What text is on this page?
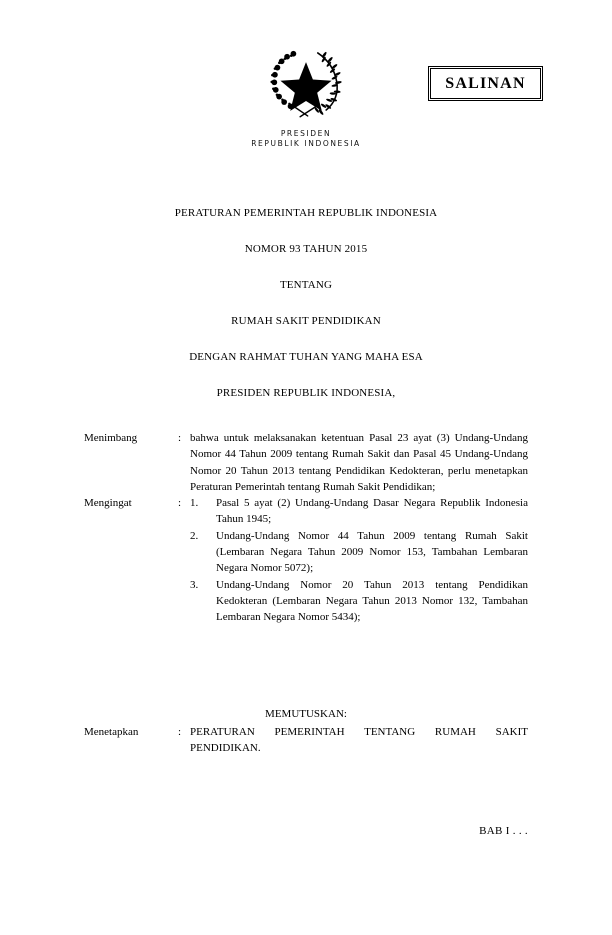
PRESIDEN
REPUBLIK INDONESIA
SALINAN
PERATURAN PEMERINTAH REPUBLIK INDONESIA
NOMOR 93 TAHUN 2015
TENTANG
RUMAH SAKIT PENDIDIKAN
DENGAN RAHMAT TUHAN YANG MAHA ESA
PRESIDEN REPUBLIK INDONESIA,
Menimbang	: bahwa untuk melaksanakan ketentuan Pasal 23 ayat (3) Undang-Undang Nomor 44 Tahun 2009 tentang Rumah Sakit dan Pasal 45 Undang-Undang Nomor 20 Tahun 2013 tentang Pendidikan Kedokteran, perlu menetapkan Peraturan Pemerintah tentang Rumah Sakit Pendidikan;
Mengingat	: 1.	Pasal 5 ayat (2) Undang-Undang Dasar Negara Republik Indonesia Tahun 1945;
2.	Undang-Undang Nomor 44 Tahun 2009 tentang Rumah Sakit (Lembaran Negara Tahun 2009 Nomor 153, Tambahan Lembaran Negara Nomor 5072);
3.	Undang-Undang Nomor 20 Tahun 2013 tentang Pendidikan Kedokteran (Lembaran Negara Tahun 2013 Nomor 132, Tambahan Lembaran Negara Nomor 5434);
MEMUTUSKAN:
Menetapkan	: PERATURAN PEMERINTAH TENTANG RUMAH SAKIT PENDIDIKAN.
BAB I . . .
